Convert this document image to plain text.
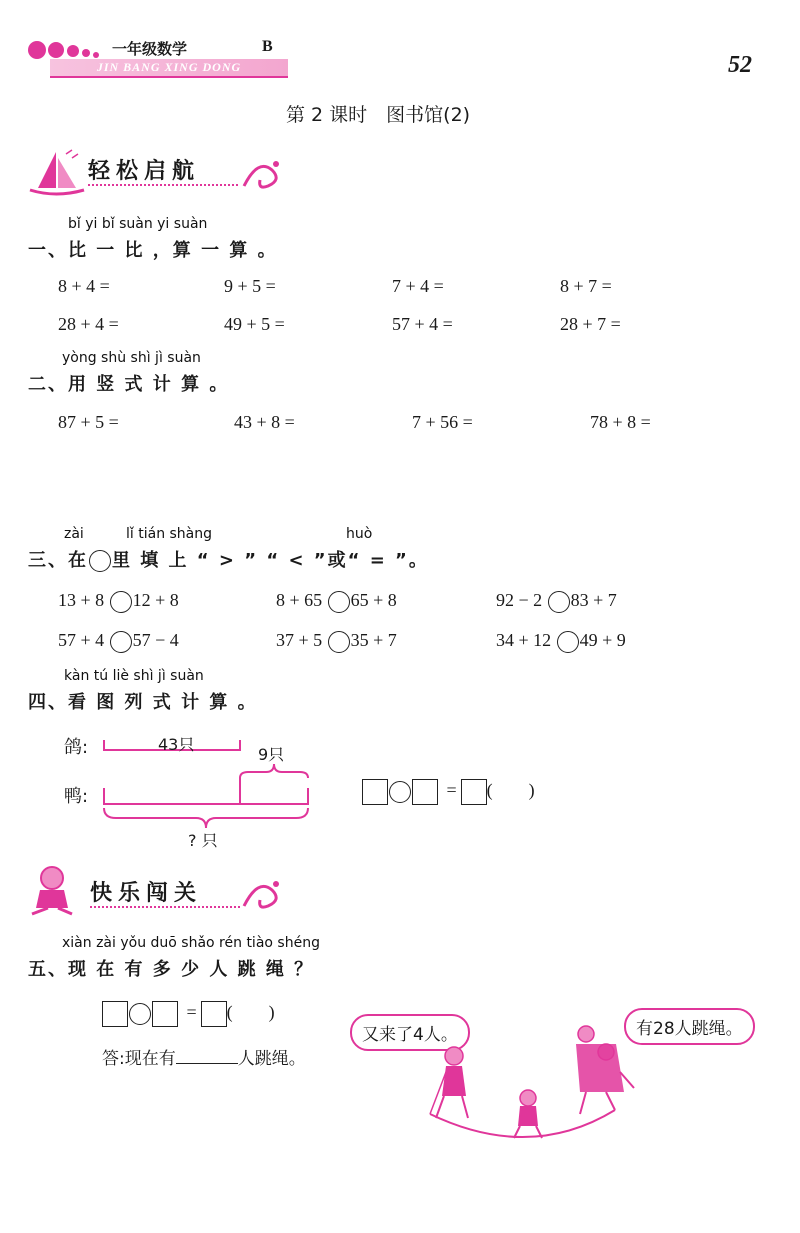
一年级数学	B
JIN BANG XING DONG	52
第 2 课时　图书馆(2)
轻松启航
bǐ yi bǐ suàn yi suàn
一、比 一 比 ，算 一 算 。
8 + 4 =	9 + 5 =	7 + 4 =	8 + 7 =
28 + 4 =	49 + 5 =	57 + 4 =	28 + 7 =
yòng shù shì jì suàn
二、用 竖 式 计 算 。
87 + 5 =	43 + 8 =	7 + 56 =	78 + 8 =
zài	lǐ tián shàng	huò
三、在 里 填 上 “ > ” “ < ”或“ = ”。
13 + 8 12 + 8	8 + 65 65 + 8	92 − 2 83 + 7
57 + 4 57 − 4	37 + 5 35 + 7	34 + 12 49 + 9
kàn tú liè shì jì suàn
四、看 图 列 式 计 算 。
鸽:
鸭:
43只
9只
? 只
= (　　)
快乐闯关
xiàn zài yǒu duō shǎo rén tiào shéng
五、现 在 有 多 少 人 跳 绳 ？
= (　　)
答:现在有	人跳绳。
又来了4人。	有28人跳绳。
